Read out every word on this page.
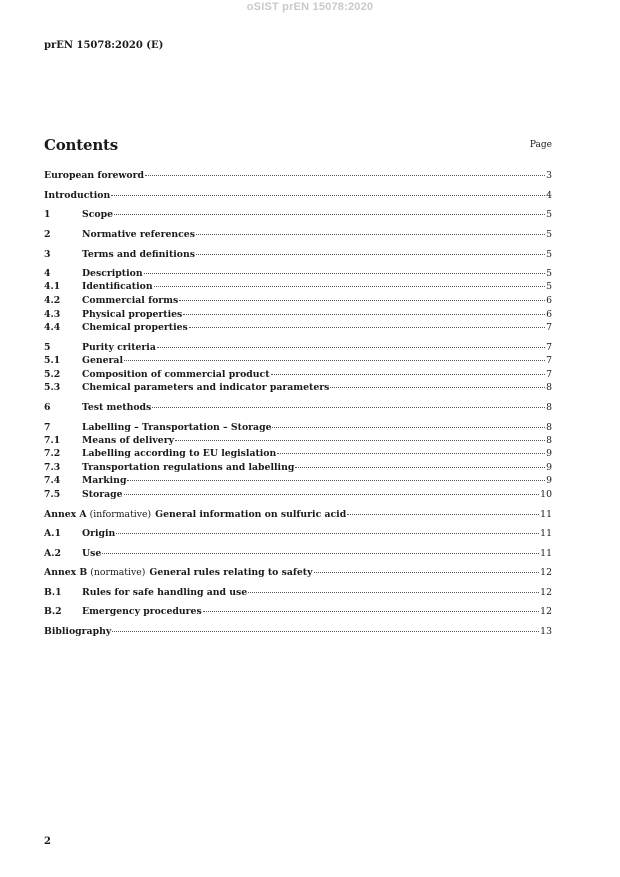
oSIST prEN 15078:2020
prEN 15078:2020 (E)
Contents	Page
European foreword	3
Introduction	4
1	Scope	5
2	Normative references	5
3	Terms and definitions	5
4	Description	5
4.1	Identification	5
4.2	Commercial forms	6
4.3	Physical properties	6
4.4	Chemical properties	7
5	Purity criteria	7
5.1	General	7
5.2	Composition of commercial product	7
5.3	Chemical parameters and indicator parameters	8
6	Test methods	8
7	Labelling – Transportation – Storage	8
7.1	Means of delivery	8
7.2	Labelling according to EU legislation	9
7.3	Transportation regulations and labelling	9
7.4	Marking	9
7.5	Storage	10
Annex A (informative) General information on sulfuric acid	11
A.1	Origin	11
A.2	Use	11
Annex B (normative) General rules relating to safety	12
B.1	Rules for safe handling and use	12
B.2	Emergency procedures	12
Bibliography	13
2
